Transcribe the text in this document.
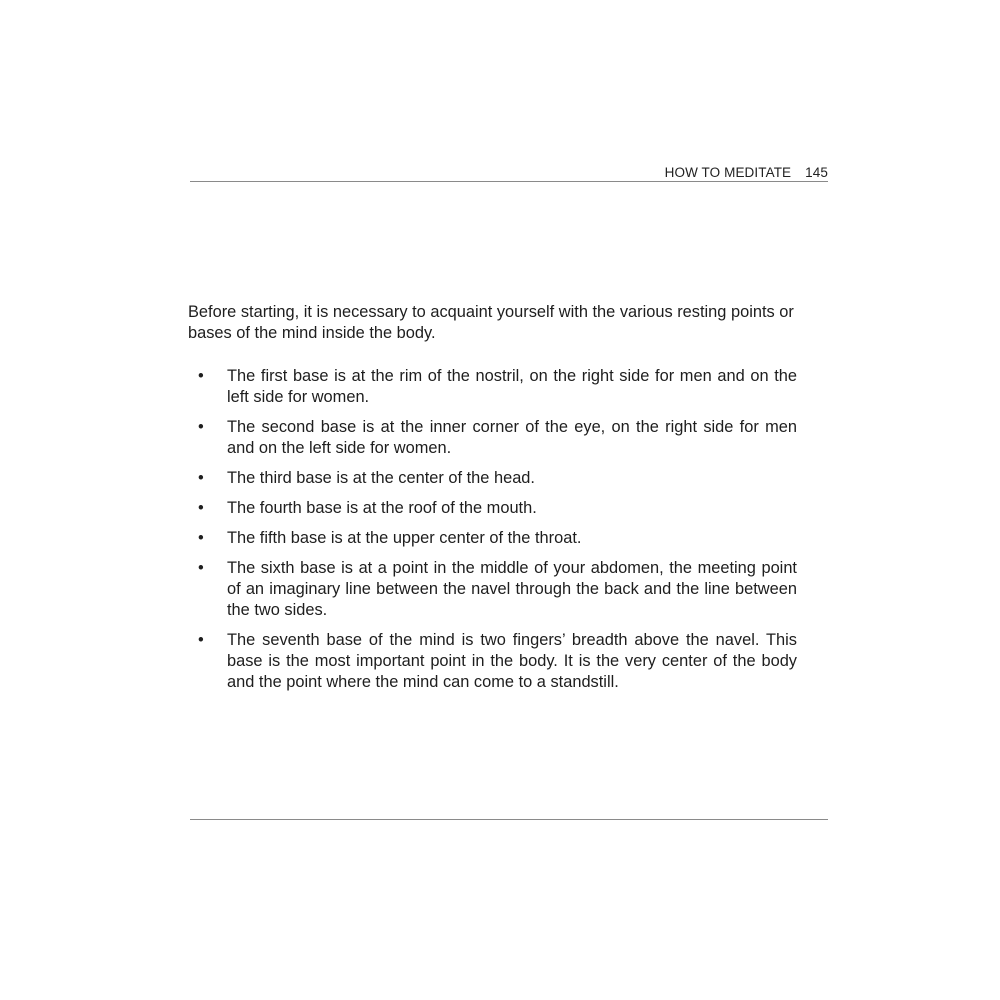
HOW TO MEDITATE 145

Before starting, it is necessary to acquaint yourself with the various resting points or bases of the mind inside the body.

• The first base is at the rim of the nostril, on the right side for men and on the left side for women.
• The second base is at the inner corner of the eye, on the right side for men and on the left side for women.
• The third base is at the center of the head.
• The fourth base is at the roof of the mouth.
• The fifth base is at the upper center of the throat.
• The sixth base is at a point in the middle of your abdomen, the meeting point of an imaginary line between the navel through the back and the line between the two sides.
• The seventh base of the mind is two fingers’ breadth above the navel. This base is the most important point in the body. It is the very center of the body and the point where the mind can come to a standstill.
